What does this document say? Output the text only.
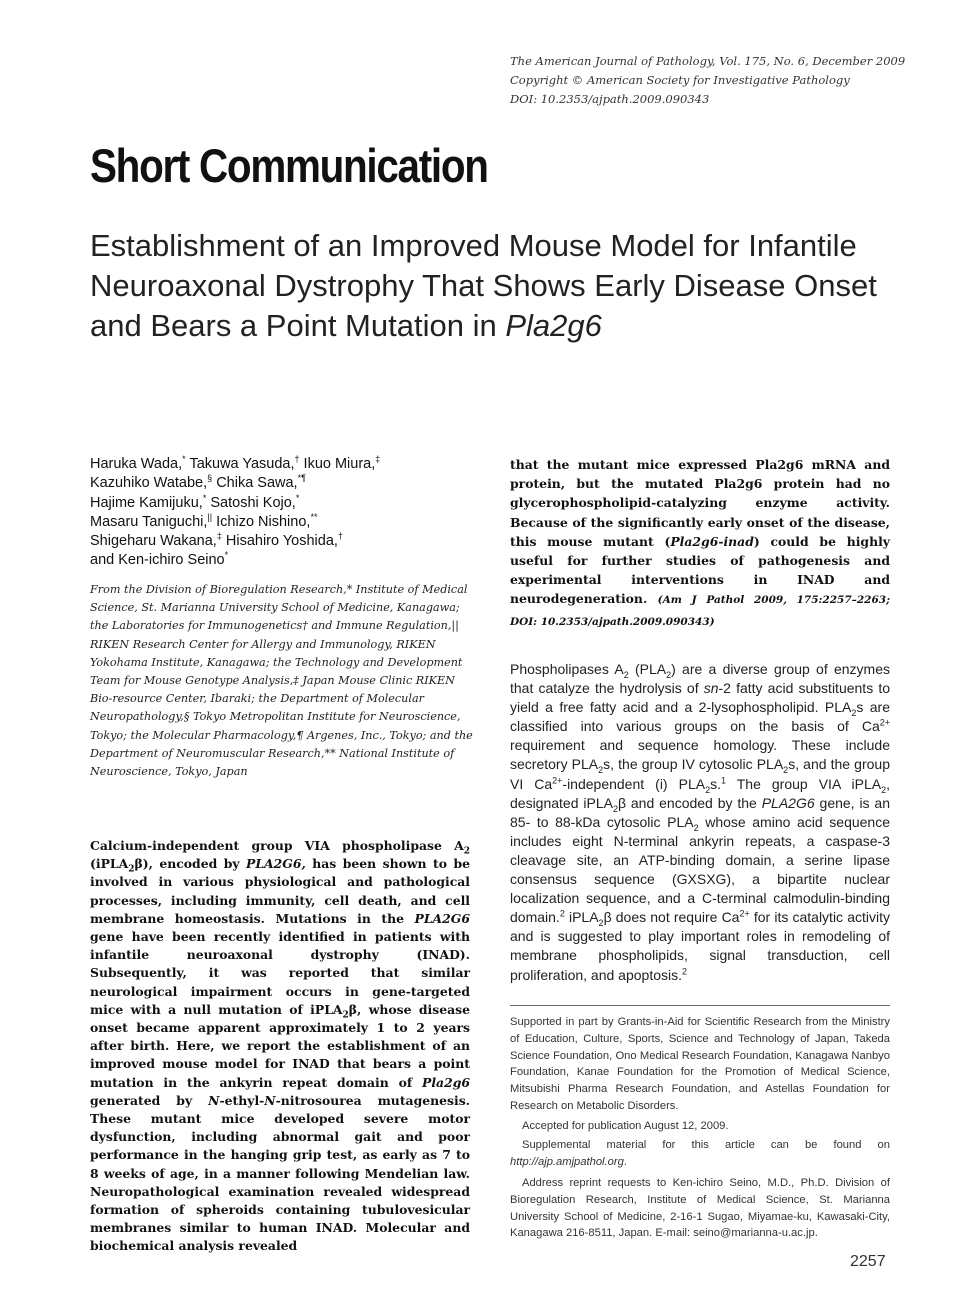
The American Journal of Pathology, Vol. 175, No. 6, December 2009
Copyright © American Society for Investigative Pathology
DOI: 10.2353/ajpath.2009.090343
Short Communication
Establishment of an Improved Mouse Model for Infantile Neuroaxonal Dystrophy That Shows Early Disease Onset and Bears a Point Mutation in Pla2g6
Haruka Wada,* Takuwa Yasuda,† Ikuo Miura,‡
Kazuhiko Watabe,§ Chika Sawa,*¶
Hajime Kamijuku,* Satoshi Kojo,*
Masaru Taniguchi,|| Ichizo Nishino,**
Shigeharu Wakana,‡ Hisahiro Yoshida,†
and Ken-ichiro Seino*
From the Division of Bioregulation Research,* Institute of Medical Science, St. Marianna University School of Medicine, Kanagawa; the Laboratories for Immunogenetics† and Immune Regulation,|| RIKEN Research Center for Allergy and Immunology, RIKEN Yokohama Institute, Kanagawa; the Technology and Development Team for Mouse Genotype Analysis,‡ Japan Mouse Clinic RIKEN Bio-resource Center, Ibaraki; the Department of Molecular Neuropathology,§ Tokyo Metropolitan Institute for Neuroscience, Tokyo; the Molecular Pharmacology,¶ Argenes, Inc., Tokyo; and the Department of Neuromuscular Research,** National Institute of Neuroscience, Tokyo, Japan
Calcium-independent group VIA phospholipase $A_2$ (iPLA$_2$β), encoded by PLA2G6, has been shown to be involved in various physiological and pathological processes, including immunity, cell death, and cell membrane homeostasis. Mutations in the PLA2G6 gene have been recently identified in patients with infantile neuroaxonal dystrophy (INAD). Subsequently, it was reported that similar neurological impairment occurs in gene-targeted mice with a null mutation of iPLA$_2$β, whose disease onset became apparent approximately 1 to 2 years after birth. Here, we report the establishment of an improved mouse model for INAD that bears a point mutation in the ankyrin repeat domain of Pla2g6 generated by N-ethyl-N-nitrosourea mutagenesis. These mutant mice developed severe motor dysfunction, including abnormal gait and poor performance in the hanging grip test, as early as 7 to 8 weeks of age, in a manner following Mendelian law. Neuropathological examination revealed widespread formation of spheroids containing tubulovesicular membranes similar to human INAD. Molecular and biochemical analysis revealed
that the mutant mice expressed Pla2g6 mRNA and protein, but the mutated Pla2g6 protein had no glycerophospholipid-catalyzing enzyme activity. Because of the significantly early onset of the disease, this mouse mutant (Pla2g6-inad) could be highly useful for further studies of pathogenesis and experimental interventions in INAD and neurodegeneration. (Am J Pathol 2009, 175:2257–2263; DOI: 10.2353/ajpath.2009.090343)
Phospholipases $A_2$ $(PLA_2)$ are a diverse group of enzymes that catalyze the hydrolysis of sn-2 fatty acid substituents to yield a free fatty acid and a 2-lysophospholipid. $PLA_2s$ are classified into various groups on the basis of $Ca^{2+}$ requirement and sequence homology. These include secretory $PLA_2s$, the group IV cytosolic $PLA_2s$, and the group VI $Ca^{2+}$-independent (i) $PLA_2s.^1$ The group VIA iPLA$_2$, designated iPLA$_2$β and encoded by the PLA2G6 gene, is an 85- to 88-kDa cytosolic $PLA_2$ whose amino acid sequence includes eight N-terminal ankyrin repeats, a caspase-3 cleavage site, an ATP-binding domain, a serine lipase consensus sequence (GXSXG), a bipartite nuclear localization sequence, and a C-terminal calmodulin-binding domain.$^2$ iPLA$_2$β does not require $Ca^{2+}$ for its catalytic activity and is suggested to play important roles in remodeling of membrane phospholipids, signal transduction, cell proliferation, and apoptosis.$^2$
Supported in part by Grants-in-Aid for Scientific Research from the Ministry of Education, Culture, Sports, Science and Technology of Japan, Takeda Science Foundation, Ono Medical Research Foundation, Kanagawa Nanbyo Foundation, Kanae Foundation for the Promotion of Medical Science, Mitsubishi Pharma Research Foundation, and Astellas Foundation for Research on Metabolic Disorders.
Accepted for publication August 12, 2009.
Supplemental material for this article can be found on http://ajp.amjpathol.org.
Address reprint requests to Ken-ichiro Seino, M.D., Ph.D. Division of Bioregulation Research, Institute of Medical Science, St. Marianna University School of Medicine, 2-16-1 Sugao, Miyamae-ku, Kawasaki-City, Kanagawa 216-8511, Japan. E-mail: seino@marianna-u.ac.jp.
2257
